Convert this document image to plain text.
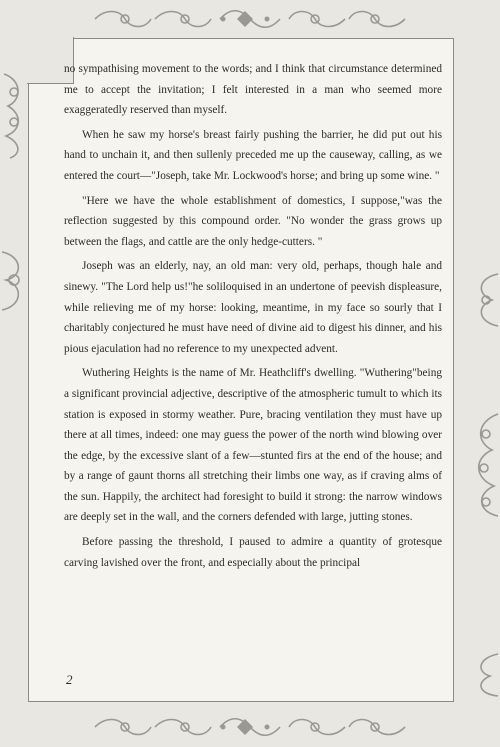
no sympathising movement to the words; and I think that circumstance determined me to accept the invitation; I felt interested in a man who seemed more exaggeratedly reserved than myself.

When he saw my horse's breast fairly pushing the barrier, he did put out his hand to unchain it, and then sullenly preceded me up the causeway, calling, as we entered the court—"Joseph, take Mr. Lockwood's horse; and bring up some wine. "

"Here we have the whole establishment of domestics, I suppose,"was the reflection suggested by this compound order. "No wonder the grass grows up between the flags, and cattle are the only hedge-cutters. "

Joseph was an elderly, nay, an old man: very old, perhaps, though hale and sinewy. "The Lord help us!"he soliloquised in an undertone of peevish displeasure, while relieving me of my horse: looking, meantime, in my face so sourly that I charitably conjectured he must have need of divine aid to digest his dinner, and his pious ejaculation had no reference to my unexpected advent.

Wuthering Heights is the name of Mr. Heathcliff's dwelling. "Wuthering"being a significant provincial adjective, descriptive of the atmospheric tumult to which its station is exposed in stormy weather. Pure, bracing ventilation they must have up there at all times, indeed: one may guess the power of the north wind blowing over the edge, by the excessive slant of a few—stunted firs at the end of the house; and by a range of gaunt thorns all stretching their limbs one way, as if craving alms of the sun. Happily, the architect had foresight to build it strong: the narrow windows are deeply set in the wall, and the corners defended with large, jutting stones.

Before passing the threshold, I paused to admire a quantity of grotesque carving lavished over the front, and especially about the principal

2
